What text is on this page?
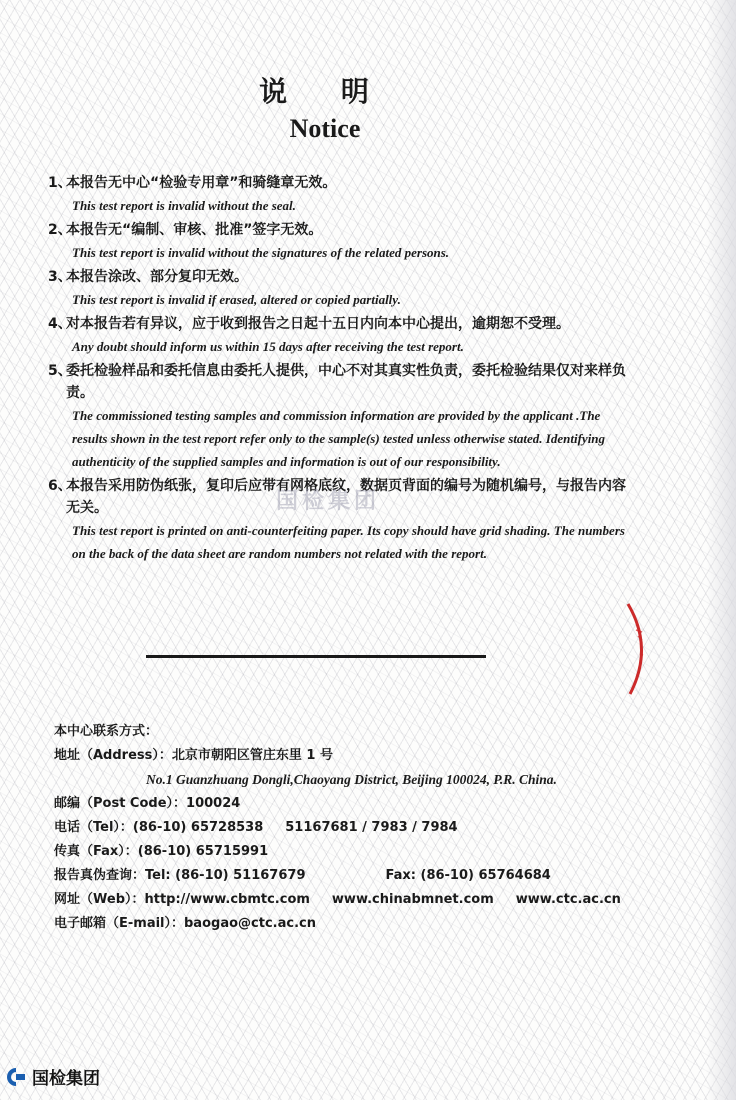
说 明
Notice
1、
本报告无中心“检验专用章”和骑缝章无效。
This test report is invalid without the seal.
2、
本报告无“编制、审核、批准”签字无效。
This test report is invalid without the signatures of the related persons.
3、
本报告涂改、部分复印无效。
This test report is invalid if erased, altered or copied partially.
4、
对本报告若有异议，应于收到报告之日起十五日内向本中心提出，逾期恕不受理。
Any doubt should inform us within 15 days after receiving the test report.
5、
委托检验样品和委托信息由委托人提供，中心不对其真实性负责，委托检验结果仅对来样负责。
The commissioned testing samples and commission information are provided by the applicant .The results shown in the test report refer only to the sample(s) tested unless otherwise stated. Identifying authenticity of the supplied samples and information is out of our responsibility.
6、
本报告采用防伪纸张，复印后应带有网格底纹，数据页背面的编号为随机编号，与报告内容无关。
This test report is printed on anti-counterfeiting paper. Its copy should have grid shading. The numbers on the back of the data sheet are random numbers not related with the report.
国检集团
本中心联系方式：
地址（Address）：北京市朝阳区管庄东里 1 号
No.1 Guanzhuang Dongli,Chaoyang District, Beijing 100024, P.R. China.
邮编（Post Code）：100024
电话（Tel）：(86-10) 65728538 51167681 / 7983 / 7984
传真（Fax）：(86-10) 65715991
报告真伪查询：Tel: (86-10) 51167679	Fax: (86-10) 65764684
网址（Web）：http://www.cbmtc.com www.chinabmnet.com www.ctc.ac.cn
电子邮箱（E-mail）：baogao@ctc.ac.cn
国检集团
